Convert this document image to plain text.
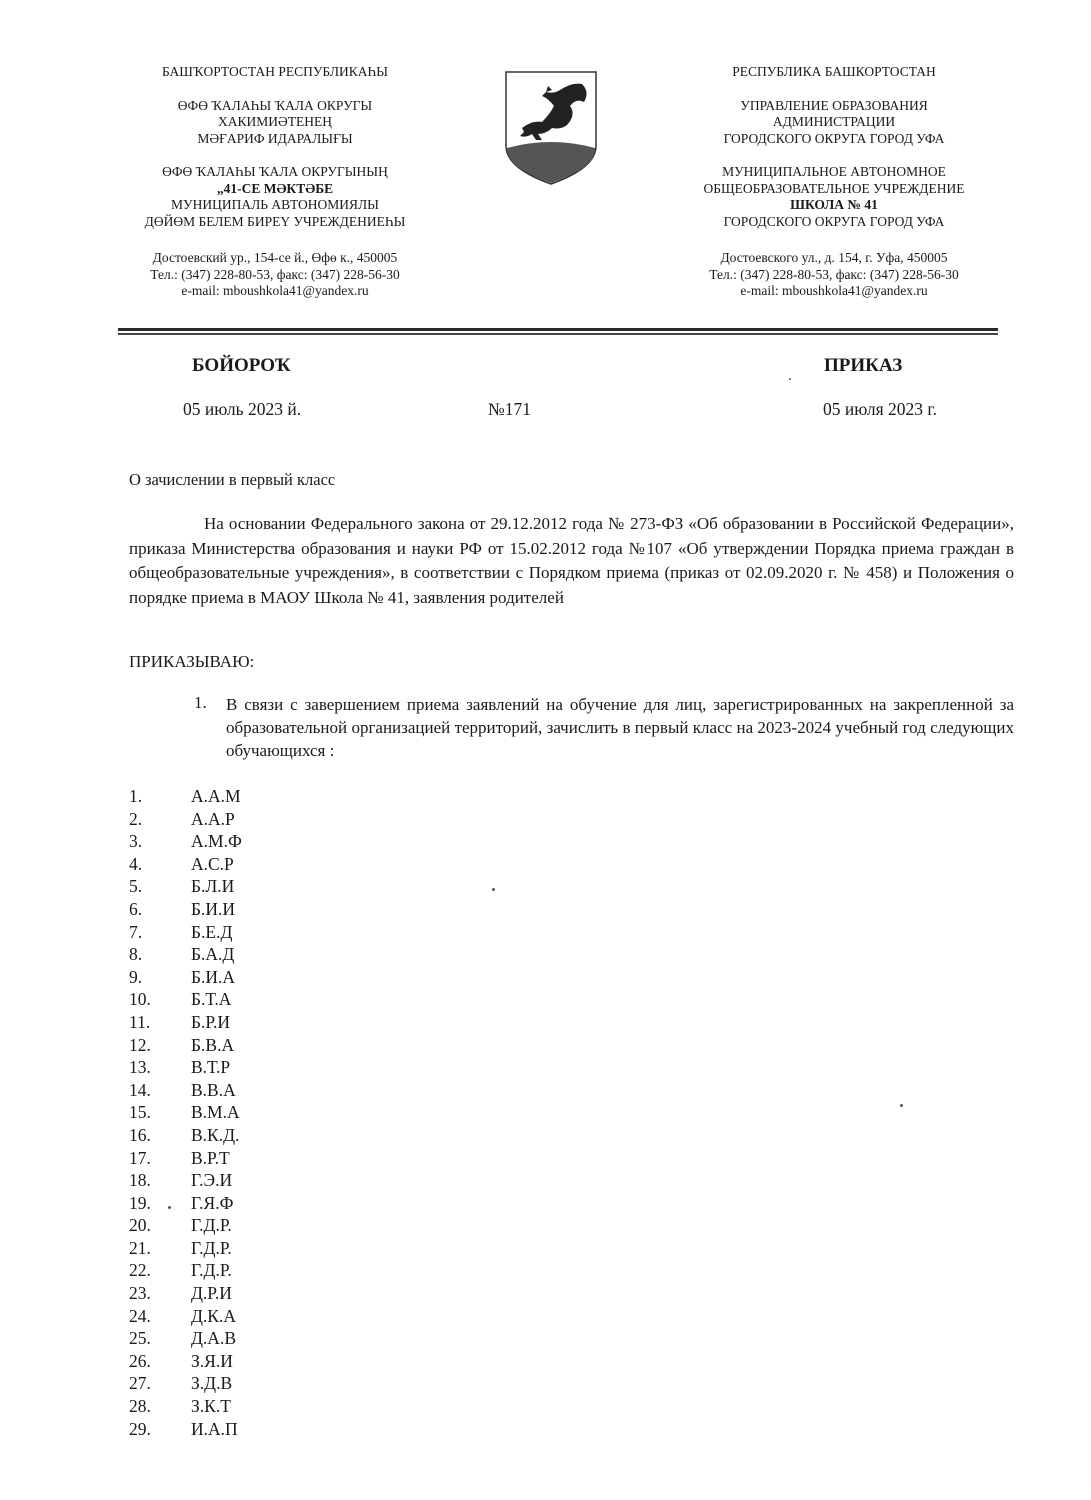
БАШҠОРТОСТАН РЕСПУБЛИКАҺЫ

ӨФӨ ҠАЛАҺЫ ҠАЛА ОКРУГЫ

ХАКИМИӘТЕНЕҢ

МӘҒАРИФ ИДАРАЛЫҒЫ

ӨФӨ ҠАЛАҺЫ ҠАЛА ОКРУГЫНЫҢ

„41-СЕ МӘКТӘБЕ

МУНИЦИПАЛЬ АВТОНОМИЯЛЫ

ДӨЙӨМ БЕЛЕМ БИРЕҮ УЧРЕЖДЕНИЕҺЫ

Достоевский ур., 154-се й., Өфө к., 450005

Тел.: (347) 228-80-53, факс: (347) 228-56-30

e-mail: mboushkola41@yandex.ru

РЕСПУБЛИКА БАШКОРТОСТАН

УПРАВЛЕНИЕ ОБРАЗОВАНИЯ

АДМИНИСТРАЦИИ

ГОРОДСКОГО ОКРУГА ГОРОД УФА

МУНИЦИПАЛЬНОЕ АВТОНОМНОЕ

ОБЩЕОБРАЗОВАТЕЛЬНОЕ УЧРЕЖДЕНИЕ

ШКОЛА № 41

ГОРОДСКОГО ОКРУГА ГОРОД УФА

Достоевского ул., д. 154, г. Уфа, 450005

Тел.: (347) 228-80-53, факс: (347) 228-56-30

e-mail: mboushkola41@yandex.ru

БОЙОРОҠ	ПРИКАЗ
05 июль 2023 й.	№171	05 июля 2023 г.
О зачислении в первый класс

На основании Федерального закона от 29.12.2012 года № 273-ФЗ «Об образовании в Российской Федерации», приказа Министерства образования и науки РФ от 15.02.2012 года №107 «Об утверждении Порядка приема граждан в общеобразовательные учреждения», в соответствии с Порядком приема (приказ от 02.09.2020 г. № 458) и Положения о порядке приема в МАОУ Школа № 41, заявления родителей

ПРИКАЗЫВАЮ:
1. В связи с завершением приема заявлений на обучение для лиц, зарегистрированных на закрепленной за образовательной организацией территорий, зачислить в первый класс на 2023-2024 учебный год следующих обучающихся :

1.	А.А.М
2.	А.А.Р
3.	А.М.Ф
4.	А.С.Р
5.	Б.Л.И
6.	Б.И.И
7.	Б.Е.Д
8.	Б.А.Д
9.	Б.И.А
10. Б.Т.А
11. Б.Р.И
12. Б.В.А
13. В.Т.Р
14. В.В.А
15. В.М.А
16. В.К.Д.
17. В.Р.Т
18. Г.Э.И
19. Г.Я.Ф
20. Г.Д.Р.
21. Г.Д.Р.
22. Г.Д.Р.
23. Д.Р.И
24. Д.К.А
25. Д.А.В
26. З.Я.И
27. З.Д.В
28. З.К.Т
29. И.А.П
